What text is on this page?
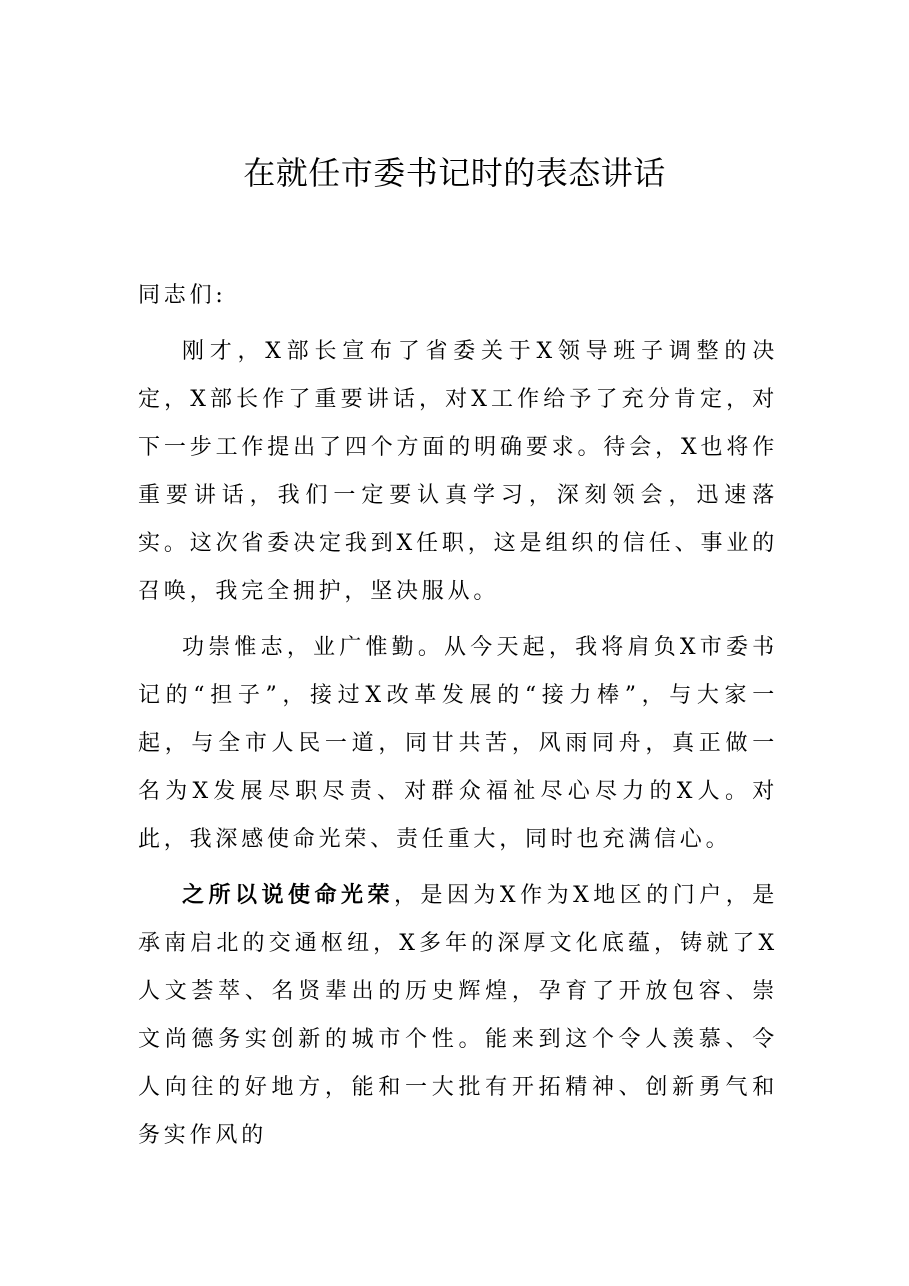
在就任市委书记时的表态讲话

同志们:

刚才，X部长宣布了省委关于X领导班子调整的决定，X部长作了重要讲话，对X工作给予了充分肯定，对下一步工作提出了四个方面的明确要求。待会，X也将作重要讲话，我们一定要认真学习，深刻领会，迅速落实。这次省委决定我到X任职，这是组织的信任、事业的召唤，我完全拥护，坚决服从。

功崇惟志，业广惟勤。从今天起，我将肩负X市委书记的“担子”，接过X改革发展的“接力棒”，与大家一起，与全市人民一道，同甘共苦，风雨同舟，真正做一名为X发展尽职尽责、对群众福祉尽心尽力的X人。对此，我深感使命光荣、责任重大，同时也充满信心。

之所以说使命光荣，是因为X作为X地区的门户，是承南启北的交通枢纽，X多年的深厚文化底蕴，铸就了X人文荟萃、名贤辈出的历史辉煌，孕育了开放包容、崇文尚德务实创新的城市个性。能来到这个令人羡慕、令人向往的好地方，能和一大批有开拓精神、创新勇气和务实作风的
